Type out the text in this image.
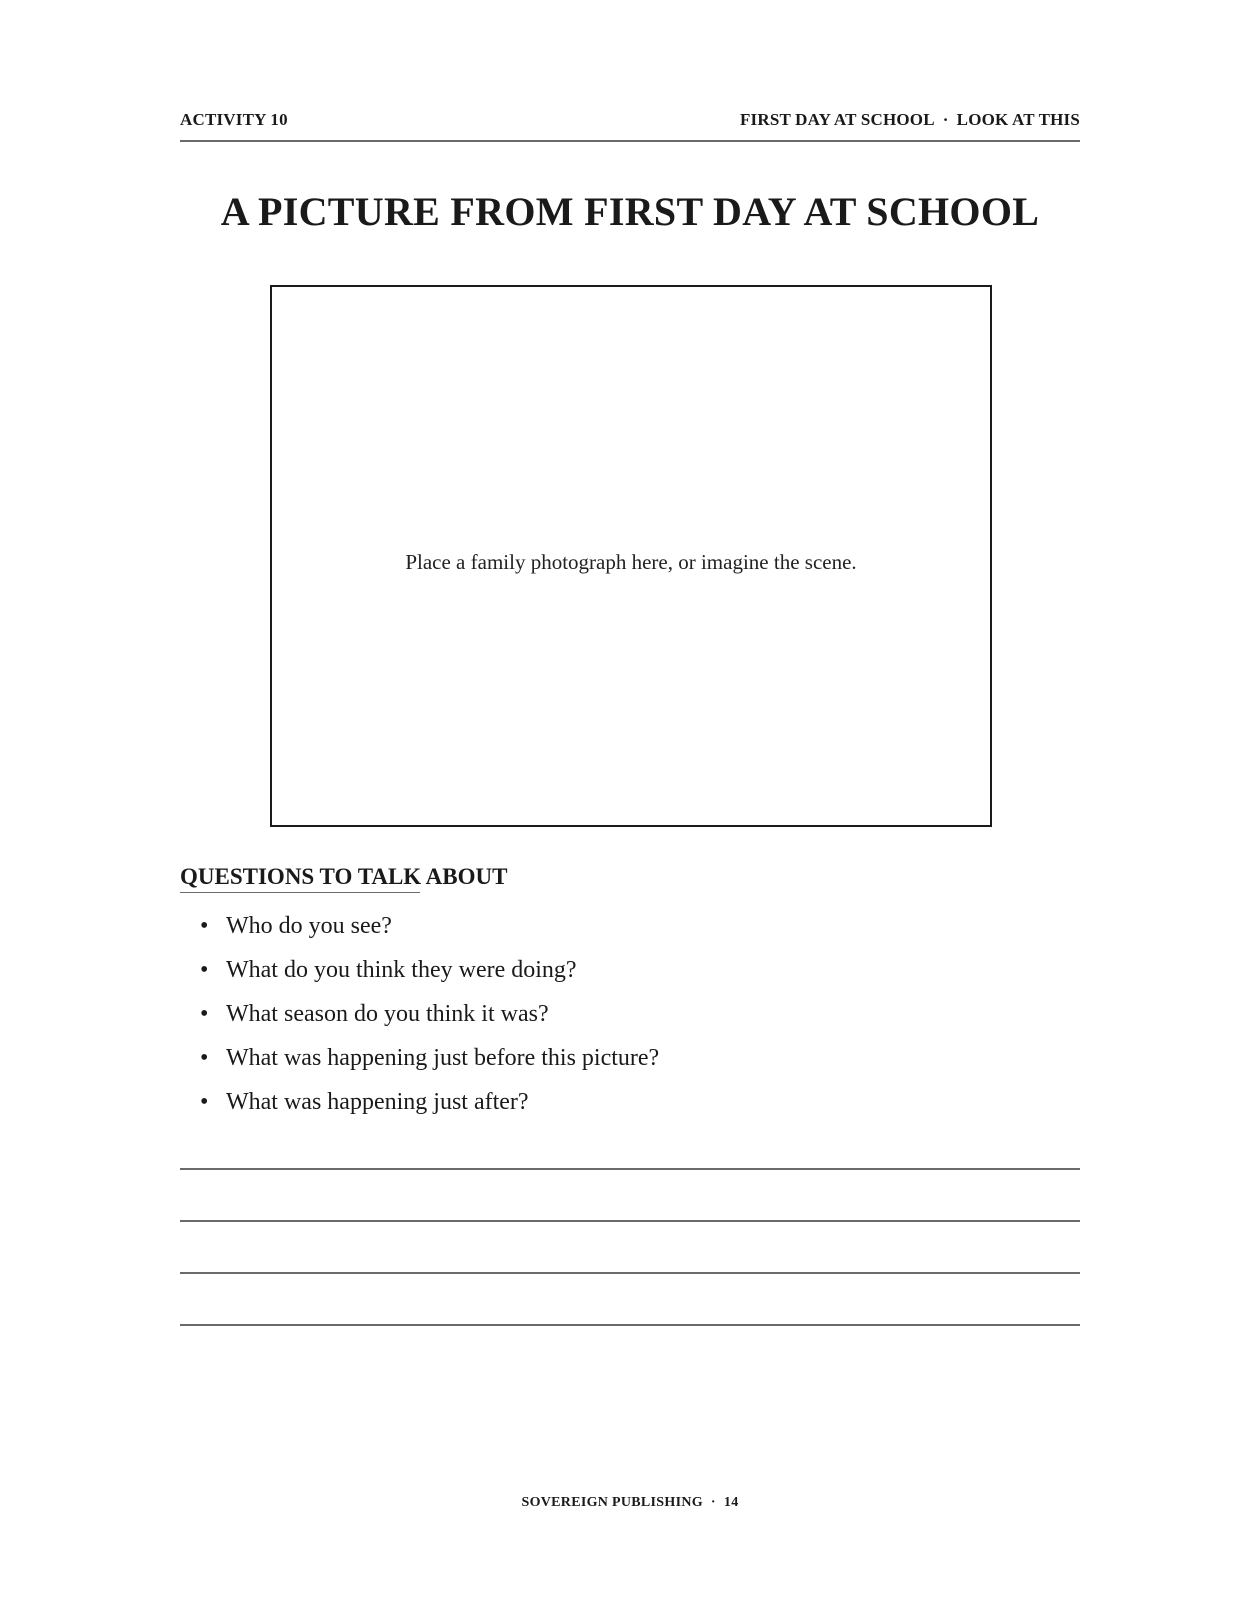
ACTIVITY 10	FIRST DAY AT SCHOOL · LOOK AT THIS
A PICTURE FROM FIRST DAY AT SCHOOL
Place a family photograph here, or imagine the scene.
QUESTIONS TO TALK ABOUT
• Who do you see?
• What do you think they were doing?
• What season do you think it was?
• What was happening just before this picture?
• What was happening just after?
SOVEREIGN PUBLISHING · 14
